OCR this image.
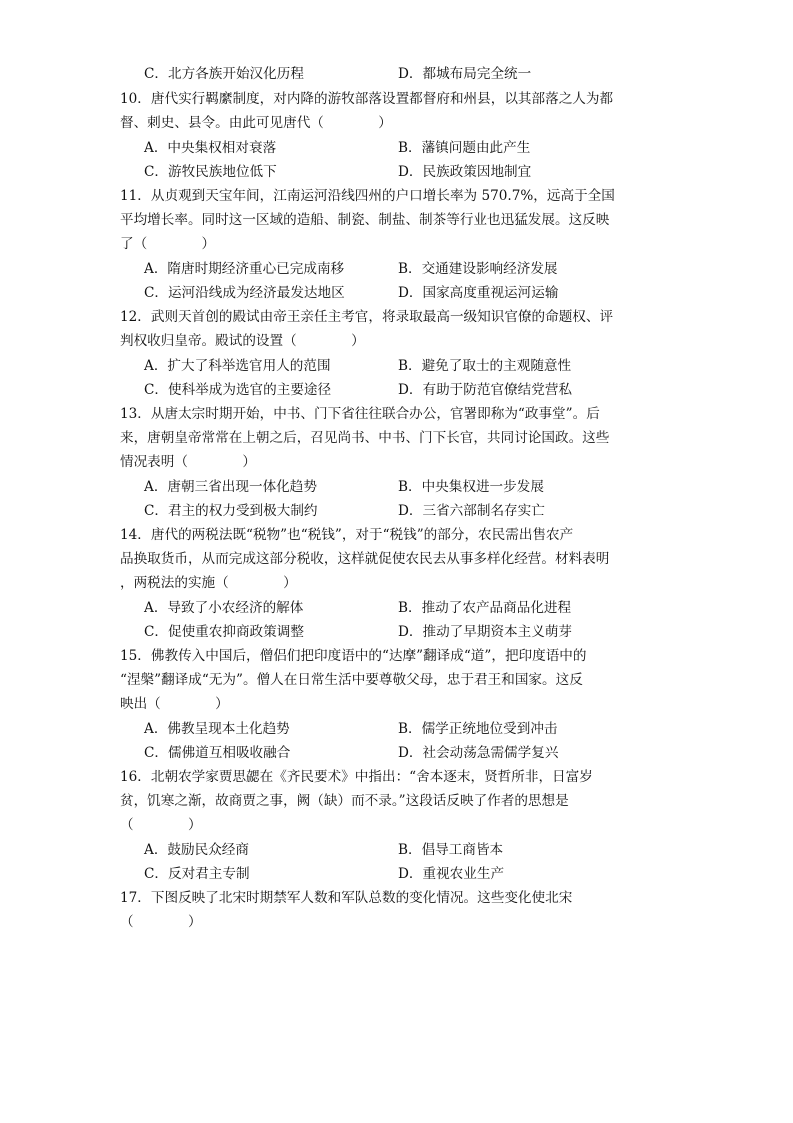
C．北方各族开始汉化历程	D．都城布局完全统一
10．唐代实行羁縻制度，对内降的游牧部落设置都督府和州县，以其部落之人为都
督、刺史、县令。由此可见唐代（　　　　）
A．中央集权相对衰落	B．藩镇问题由此产生
C．游牧民族地位低下	D．民族政策因地制宜
11．从贞观到天宝年间，江南运河沿线四州的户口增长率为 570.7%，远高于全国
平均增长率。同时这一区域的造船、制瓷、制盐、制茶等行业也迅猛发展。这反映
了（　　　　）
A．隋唐时期经济重心已完成南移	B．交通建设影响经济发展
C．运河沿线成为经济最发达地区	D．国家高度重视运河运输
12．武则天首创的殿试由帝王亲任主考官，将录取最高一级知识官僚的命题权、评
判权收归皇帝。殿试的设置（　　　　）
A．扩大了科举选官用人的范围	B．避免了取士的主观随意性
C．使科举成为选官的主要途径	D．有助于防范官僚结党营私
13．从唐太宗时期开始，中书、门下省往往联合办公，官署即称为“政事堂”。后
来，唐朝皇帝常常在上朝之后，召见尚书、中书、门下长官，共同讨论国政。这些
情况表明（　　　　）
A．唐朝三省出现一体化趋势	B．中央集权进一步发展
C．君主的权力受到极大制约	D．三省六部制名存实亡
14．唐代的两税法既“税物”也“税钱”，对于“税钱”的部分，农民需出售农产
品换取货币，从而完成这部分税收，这样就促使农民去从事多样化经营。材料表明
，两税法的实施（　　　　）
A．导致了小农经济的解体	B．推动了农产品商品化进程
C．促使重农抑商政策调整	D．推动了早期资本主义萌芽
15．佛教传入中国后，僧侣们把印度语中的“达摩”翻译成“道”，把印度语中的
“涅槃”翻译成“无为”。僧人在日常生活中要尊敬父母，忠于君王和国家。这反
映出（　　　　）
A．佛教呈现本土化趋势	B．儒学正统地位受到冲击
C．儒佛道互相吸收融合	D．社会动荡急需儒学复兴
16．北朝农学家贾思勰在《齐民要术》中指出：“舍本逐末，贤哲所非，日富岁
贫，饥寒之渐，故商贾之事，阙（缺）而不录。”这段话反映了作者的思想是
（　　　　）
A．鼓励民众经商	B．倡导工商皆本
C．反对君主专制	D．重视农业生产
17．下图反映了北宋时期禁军人数和军队总数的变化情况。这些变化使北宋
（　　　　）
